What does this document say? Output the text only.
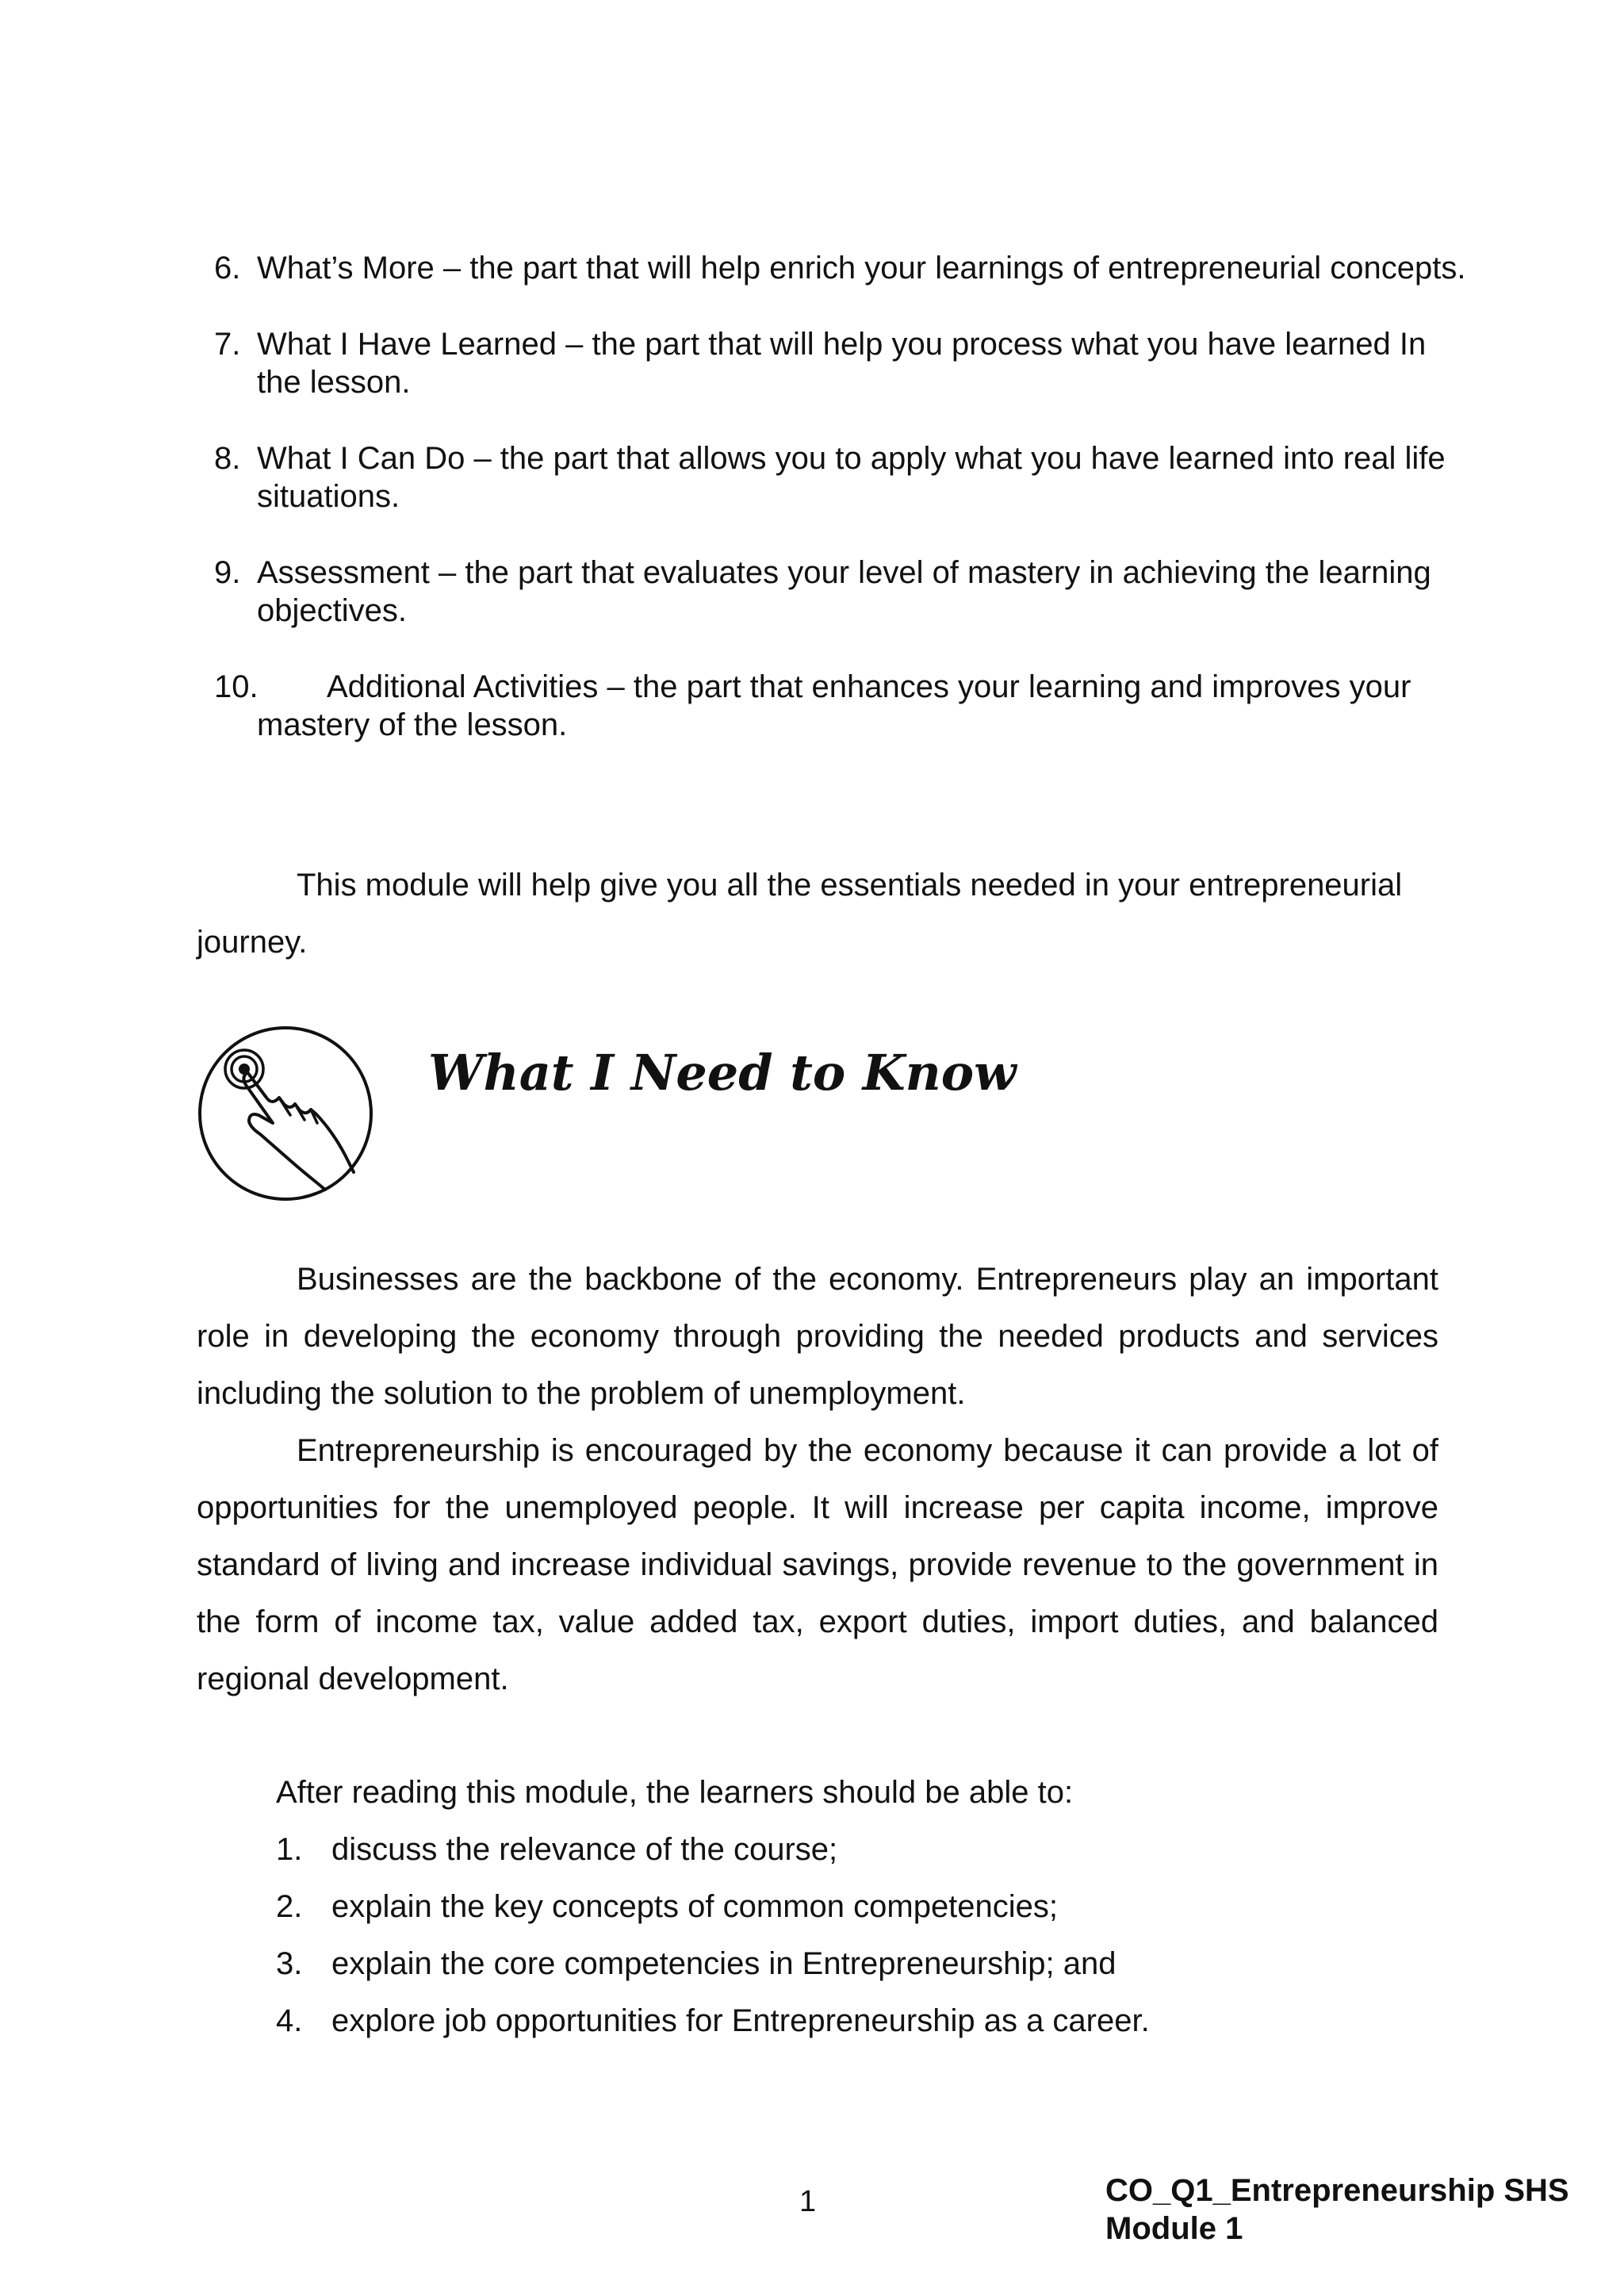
6. What’s More – the part that will help enrich your learnings of entrepreneurial concepts.
7. What I Have Learned – the part that will help you process what you have learned In the lesson.
8. What I Can Do – the part that allows you to apply what you have learned into real life situations.
9. Assessment – the part that evaluates your level of mastery in achieving the learning objectives.
10. Additional Activities – the part that enhances your learning and improves your
mastery of the lesson.

This module will help give you all the essentials needed in your entrepreneurial journey.

What I Need to Know

Businesses are the backbone of the economy. Entrepreneurs play an important role in developing the economy through providing the needed products and services including the solution to the problem of unemployment.

Entrepreneurship is encouraged by the economy because it can provide a lot of opportunities for the unemployed people. It will increase per capita income, improve standard of living and increase individual savings, provide revenue to the government in the form of income tax, value added tax, export duties, import duties, and balanced regional development.

After reading this module, the learners should be able to:

1. discuss the relevance of the course;
2. explain the key concepts of common competencies;
3. explain the core competencies in Entrepreneurship; and
4. explore job opportunities for Entrepreneurship as a career.
1	CO_Q1_Entrepreneurship SHS
Module 1
